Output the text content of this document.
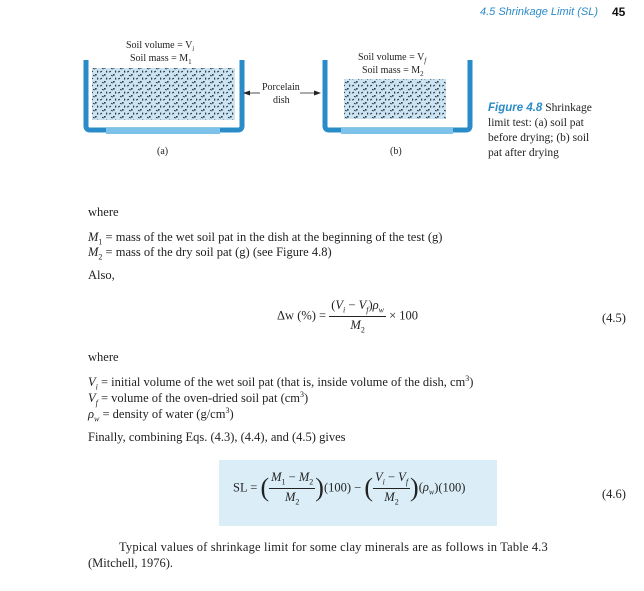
4.5 Shrinkage Limit (SL) 45
Soil volume = $V_i$
Soil mass = $M_1$	Soil volume = $V_f$
Soil mass = $M_2$
Porcelain
dish
(a)	(b)
Figure 4.8 Shrinkage
limit test: (a) soil pat
before drying; (b) soil
pat after drying
where
$M_1$ = mass of the wet soil pat in the dish at the beginning of the test (g)
$M_2$ = mass of the dry soil pat (g) (see Figure 4.8)
Also,
Δw (%) = $\frac{(V_i - V_f)\rho_w}{M_2} \times 100$	(4.5)
where
$V_i$ = initial volume of the wet soil pat (that is, inside volume of the dish, $cm^3$)
$V_f$ = volume of the oven-dried soil pat $(cm^3)$
$\rho_w$ = density of water $(g/cm^3)$
Finally, combining Eqs. (4.3), (4.4), and (4.5) gives
SL = ( $\frac{M_1 - M_2}{M_2} )(100)$ − ( $\frac{V_i - V_f}{M_2} )(\rho_w)(100)$	(4.6)
Typical values of shrinkage limit for some clay minerals are as follows in Table 4.3
(Mitchell, 1976).
